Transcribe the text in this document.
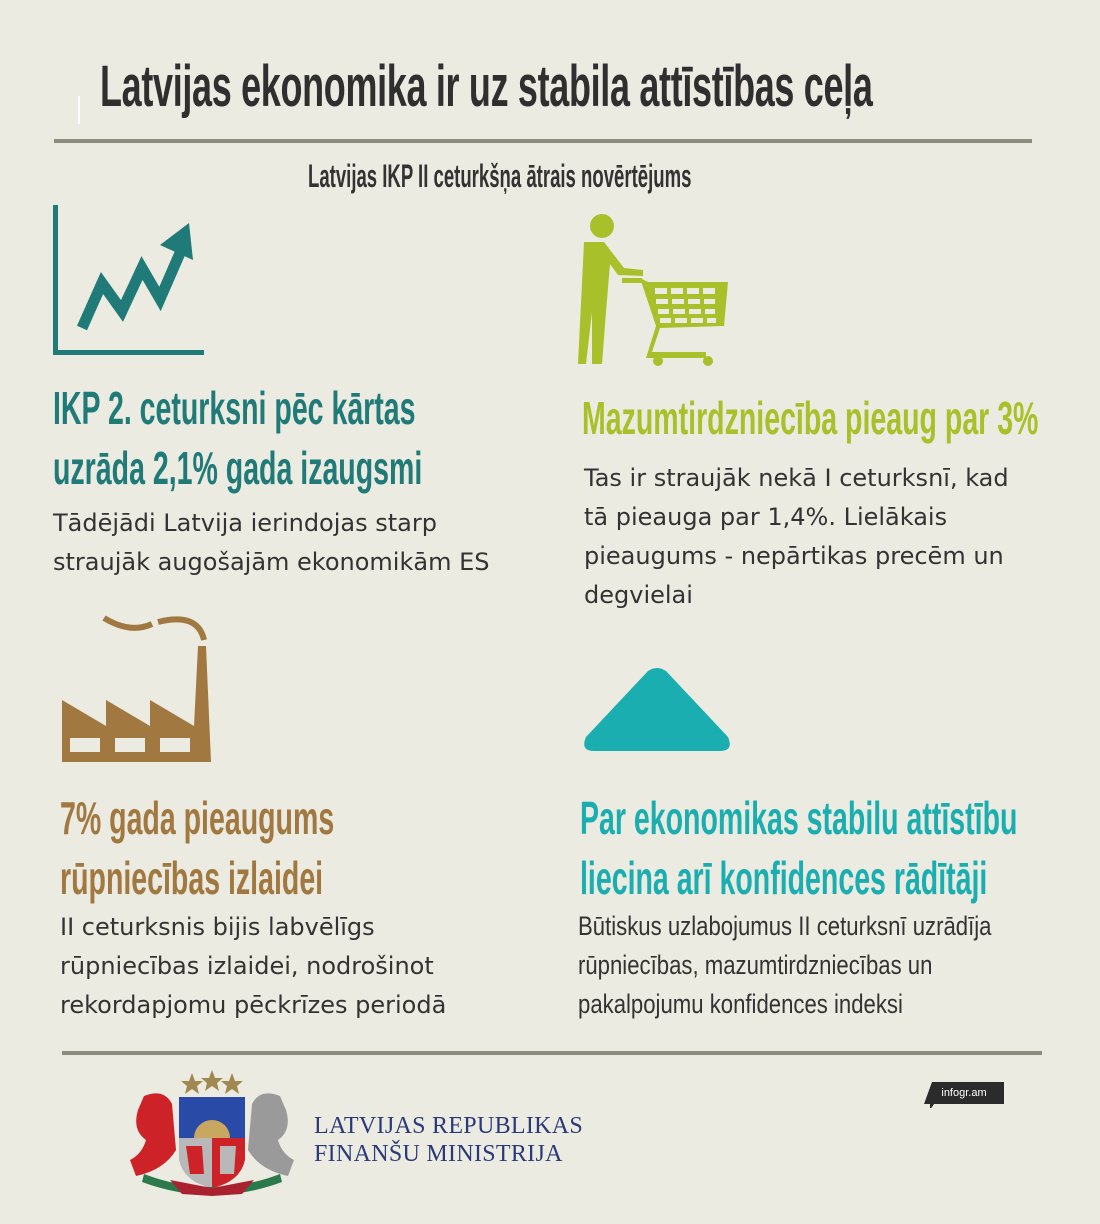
Latvijas ekonomika ir uz stabila attīstības ceļa
Latvijas IKP II ceturkšņa ātrais novērtējums
IKP 2. ceturksni pēc kārtas
uzrāda 2,1% gada izaugsmi
Tādējādi Latvija ierindojas starp
straujāk augošajām ekonomikām ES
Mazumtirdzniecība pieaug par 3%
Tas ir straujāk nekā I ceturksnī, kad
tā pieauga par 1,4%. Lielākais
pieaugums - nepārtikas precēm un
degvielai
7% gada pieaugums
rūpniecības izlaidei
II ceturksnis bijis labvēlīgs
rūpniecības izlaidei, nodrošinot
rekordapjomu pēckrīzes periodā
Par ekonomikas stabilu attīstību
liecina arī konfidences rādītāji
Būtiskus uzlabojumus II ceturksnī uzrādīja
rūpniecības, mazumtirdzniecības un
pakalpojumu konfidences indeksi
LATVIJAS REPUBLIKAS
FINANŠU MINISTRIJA
infogr.am
